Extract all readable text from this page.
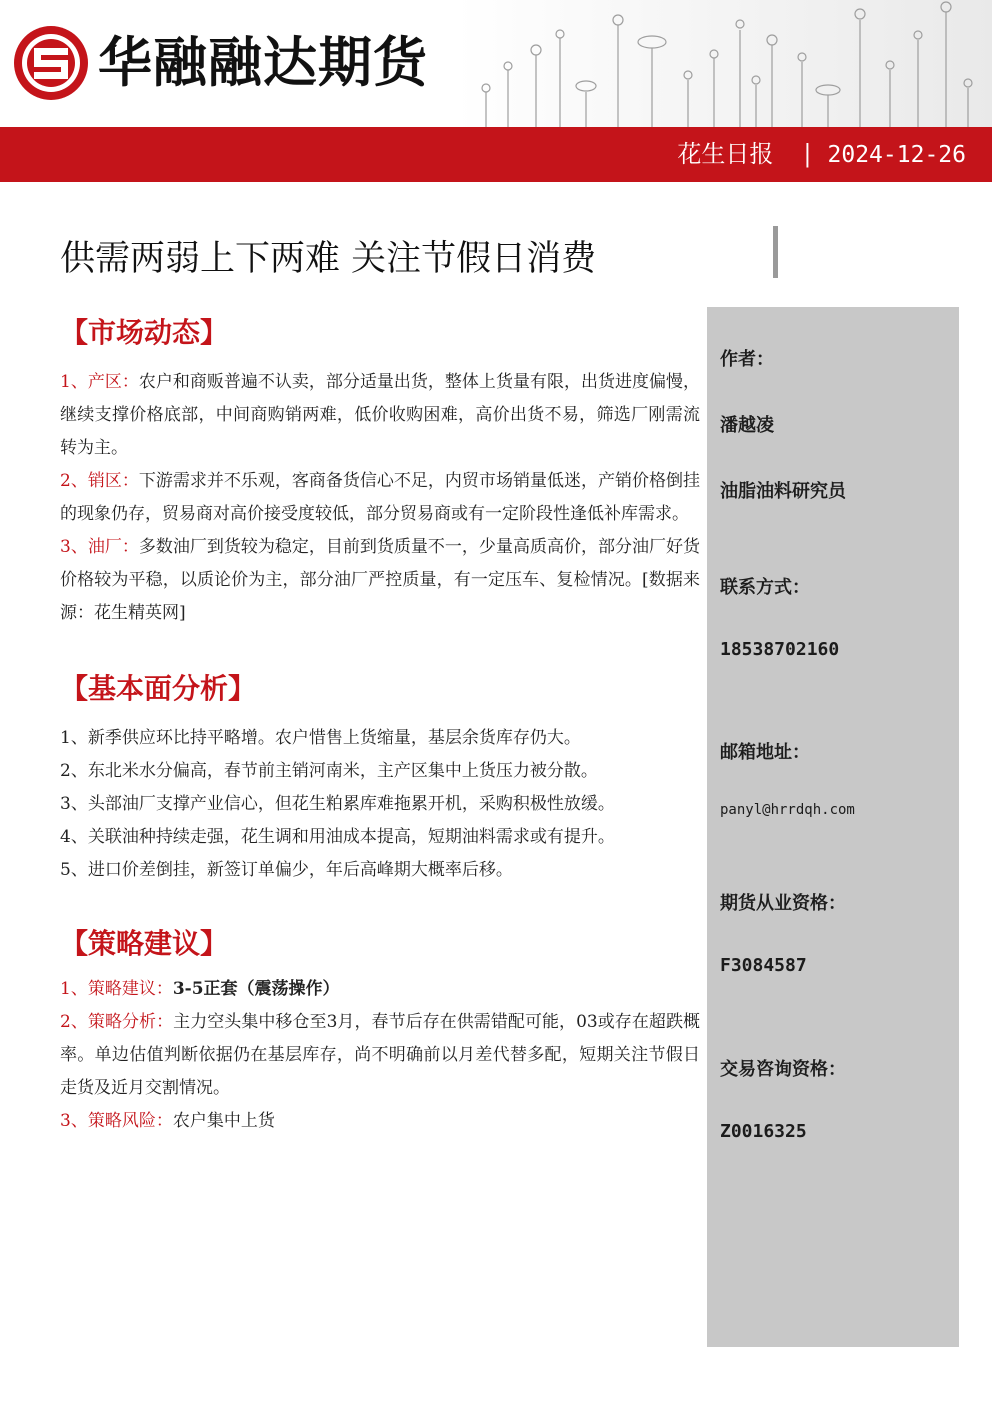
华融融达期货
花生日报 | 2024-12-26
供需两弱上下两难 关注节假日消费
【市场动态】

1、产区：农户和商贩普遍不认卖，部分适量出货，整体上货量有限，出货进度偏慢，继续支撑价格底部，中间商购销两难，低价收购困难，高价出货不易，筛选厂刚需流转为主。

2、销区：下游需求并不乐观，客商备货信心不足，内贸市场销量低迷，产销价格倒挂的现象仍存，贸易商对高价接受度较低，部分贸易商或有一定阶段性逢低补库需求。

3、油厂：多数油厂到货较为稳定，目前到货质量不一，少量高质高价，部分油厂好货价格较为平稳，以质论价为主，部分油厂严控质量，有一定压车、复检情况。[数据来源：花生精英网]

【基本面分析】

1、新季供应环比持平略增。农户惜售上货缩量，基层余货库存仍大。

2、东北米水分偏高，春节前主销河南米，主产区集中上货压力被分散。

3、头部油厂支撑产业信心，但花生粕累库难拖累开机，采购积极性放缓。

4、关联油种持续走强，花生调和用油成本提高，短期油料需求或有提升。

5、进口价差倒挂，新签订单偏少，年后高峰期大概率后移。

【策略建议】

1、策略建议：3-5正套（震荡操作）

2、策略分析：主力空头集中移仓至3月，春节后存在供需错配可能，03或存在超跌概率。单边估值判断依据仍在基层库存，尚不明确前以月差代替多配，短期关注节假日走货及近月交割情况。

3、策略风险：农户集中上货

作者：
潘越凌
油脂油料研究员
联系方式：
18538702160
邮箱地址：
panyl@hrrdqh.com
期货从业资格：
F3084587
交易咨询资格：
Z0016325
